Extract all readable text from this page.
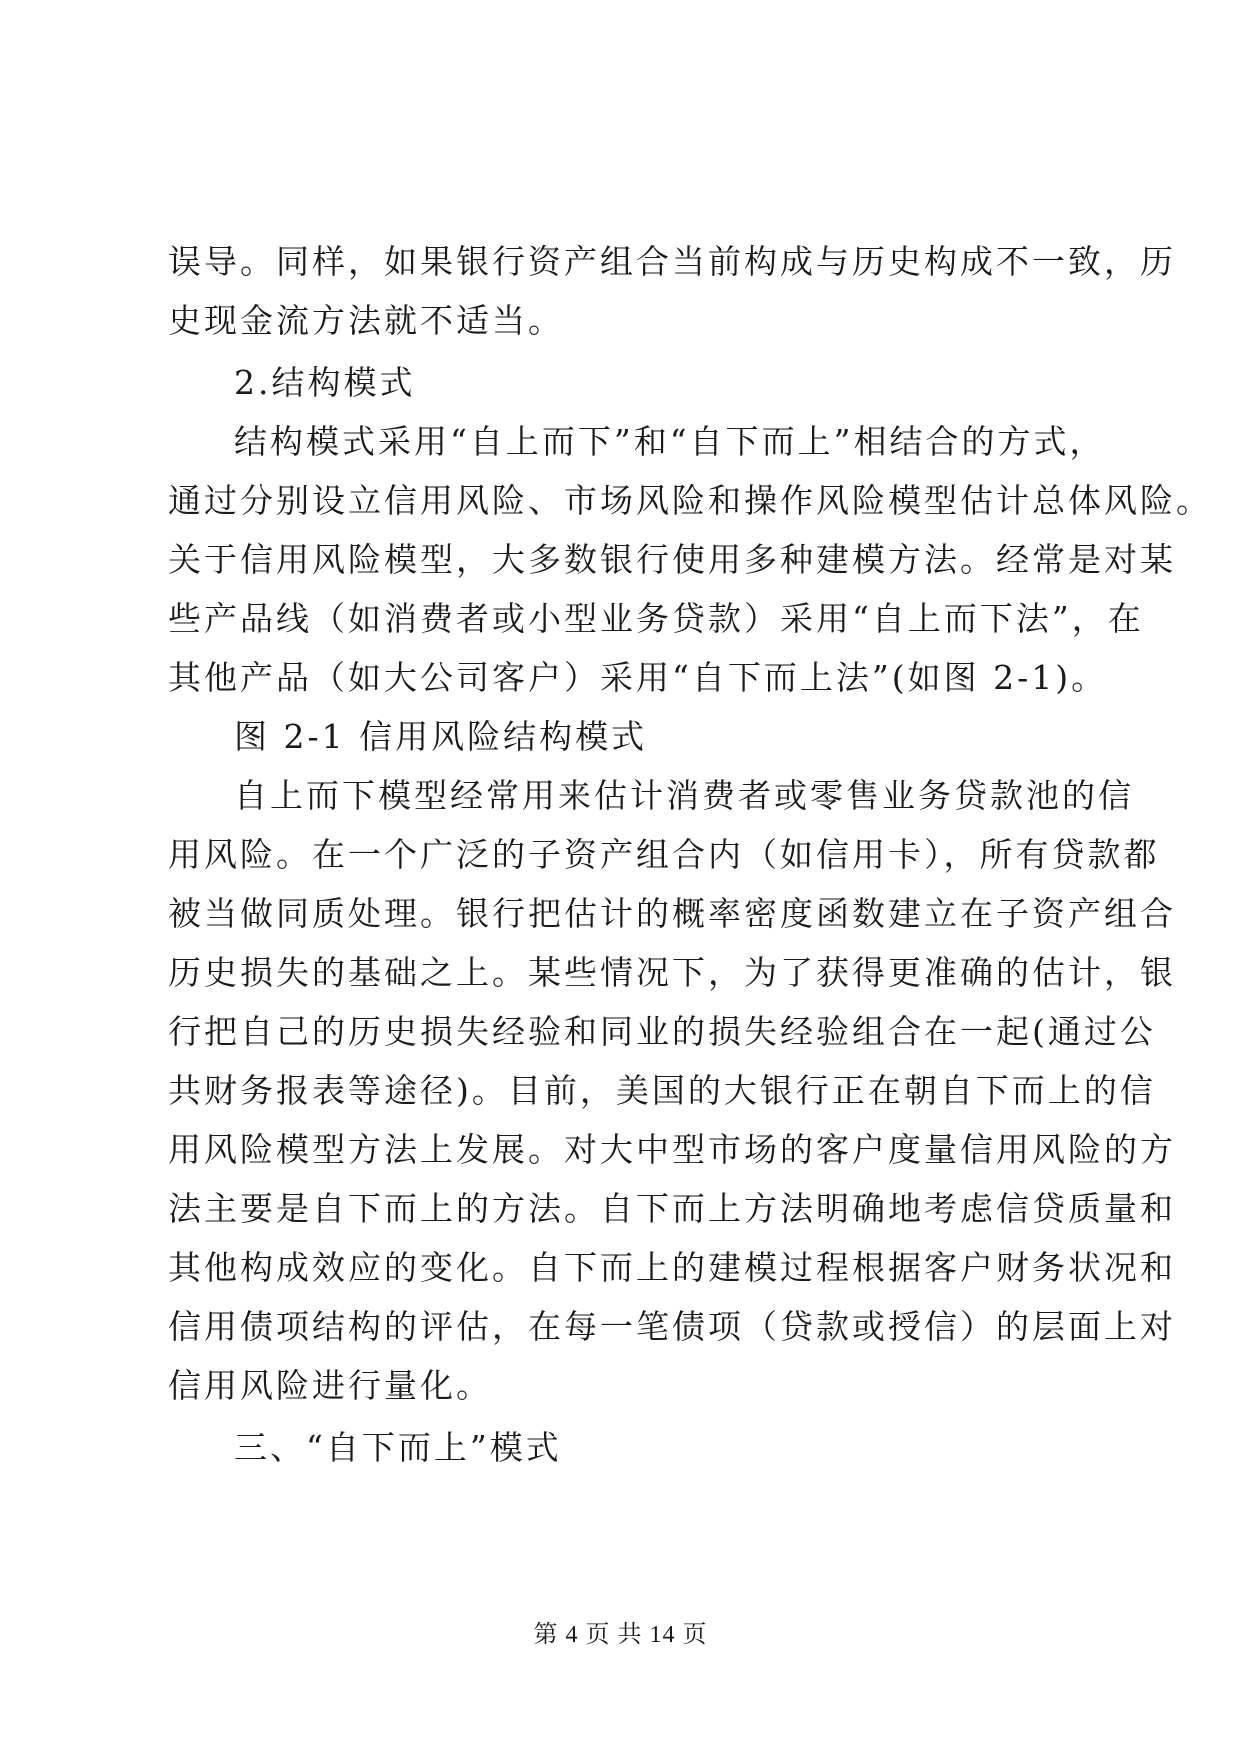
误导。同样，如果银行资产组合当前构成与历史构成不一致，历
史现金流方法就不适当。
2.结构模式
结构模式采用“自上而下”和“自下而上”相结合的方式，
通过分别设立信用风险、市场风险和操作风险模型估计总体风险。
关于信用风险模型，大多数银行使用多种建模方法。经常是对某
些产品线（如消费者或小型业务贷款）采用“自上而下法”，在
其他产品（如大公司客户）采用“自下而上法”(如图 2-1)。
图 2-1 信用风险结构模式
自上而下模型经常用来估计消费者或零售业务贷款池的信
用风险。在一个广泛的子资产组合内（如信用卡），所有贷款都
被当做同质处理。银行把估计的概率密度函数建立在子资产组合
历史损失的基础之上。某些情况下，为了获得更准确的估计，银
行把自己的历史损失经验和同业的损失经验组合在一起(通过公
共财务报表等途径)。目前，美国的大银行正在朝自下而上的信
用风险模型方法上发展。对大中型市场的客户度量信用风险的方
法主要是自下而上的方法。自下而上方法明确地考虑信贷质量和
其他构成效应的变化。自下而上的建模过程根据客户财务状况和
信用债项结构的评估，在每一笔债项（贷款或授信）的层面上对
信用风险进行量化。
三、“自下而上”模式
第 4 页 共 14 页
